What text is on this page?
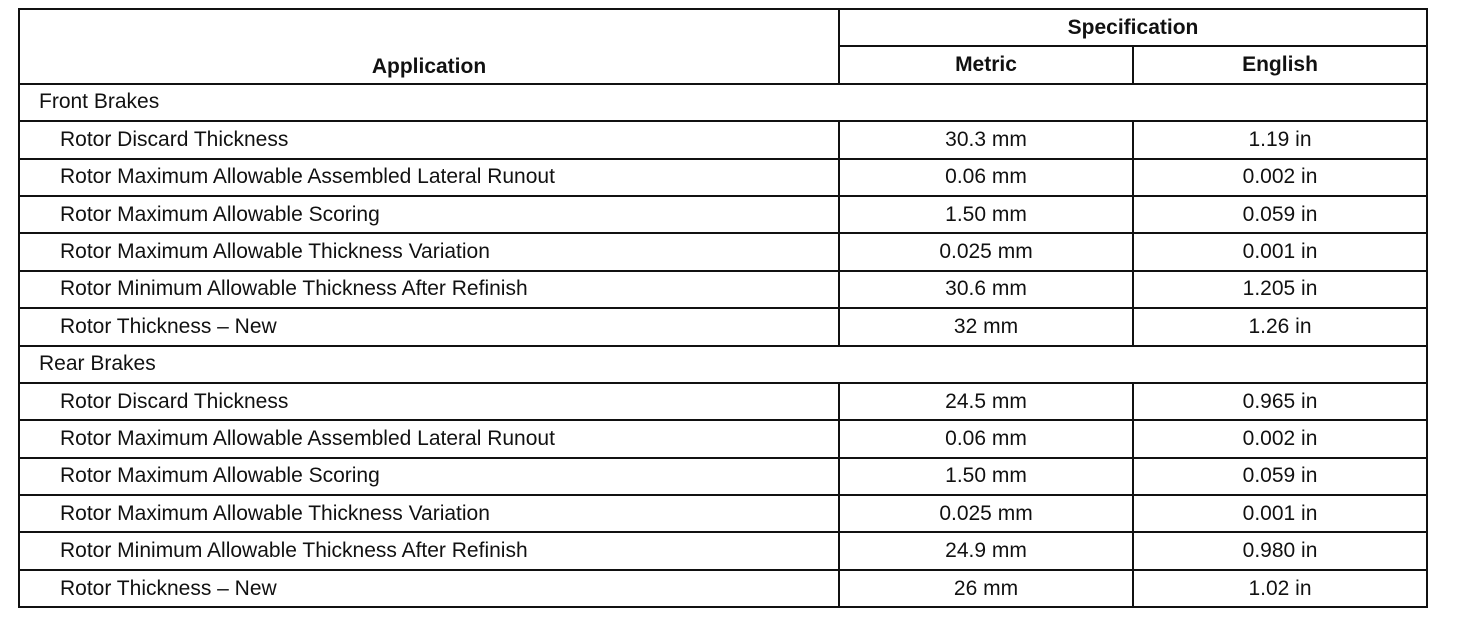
Application	Specification	
	Metric	English
Front Brakes		
Rotor Discard Thickness	30.3 mm	1.19 in
Rotor Maximum Allowable Assembled Lateral Runout	0.06 mm	0.002 in
Rotor Maximum Allowable Scoring	1.50 mm	0.059 in
Rotor Maximum Allowable Thickness Variation	0.025 mm	0.001 in
Rotor Minimum Allowable Thickness After Refinish	30.6 mm	1.205 in
Rotor Thickness – New	32 mm	1.26 in
Rear Brakes		
Rotor Discard Thickness	24.5 mm	0.965 in
Rotor Maximum Allowable Assembled Lateral Runout	0.06 mm	0.002 in
Rotor Maximum Allowable Scoring	1.50 mm	0.059 in
Rotor Maximum Allowable Thickness Variation	0.025 mm	0.001 in
Rotor Minimum Allowable Thickness After Refinish	24.9 mm	0.980 in
Rotor Thickness – New	26 mm	1.02 in
